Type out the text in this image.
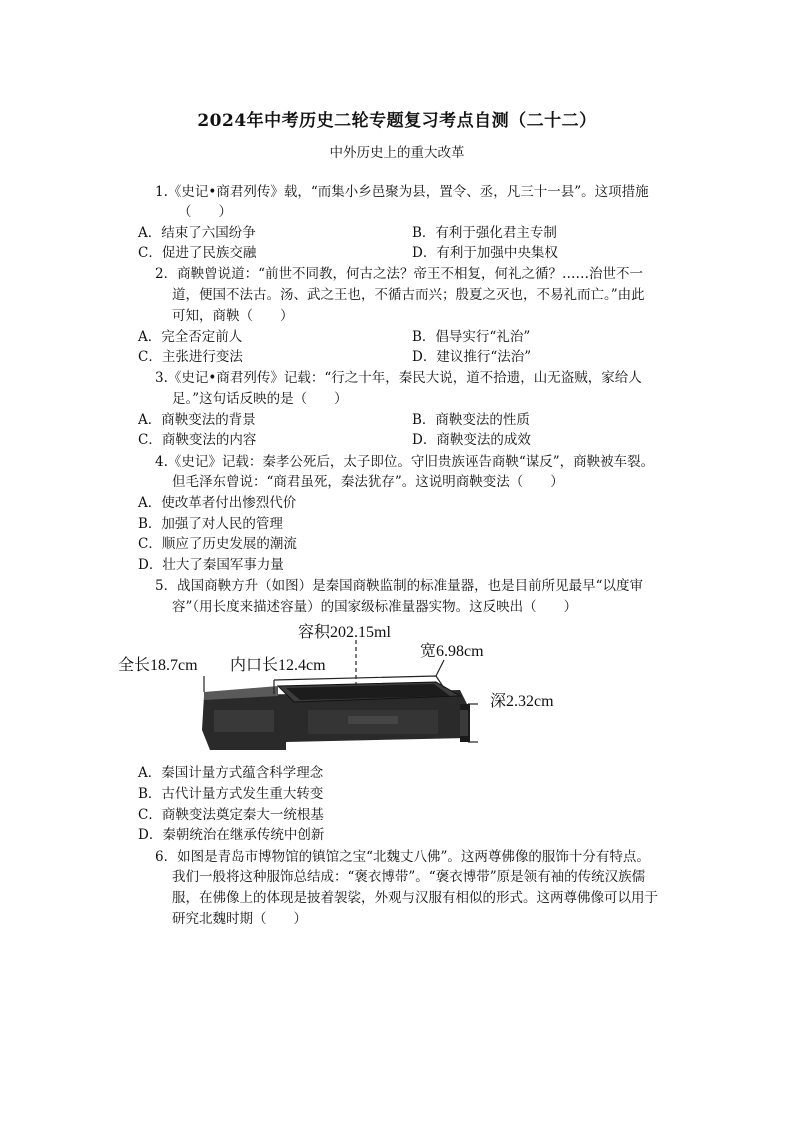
2024年中考历史二轮专题复习考点自测（二十二）
中外历史上的重大改革
1.《史记•商君列传》载，“而集小乡邑聚为县，置令、丞，凡三十一县”。这项措施
（　　）
A．结束了六国纷争	B．有利于强化君主专制
C．促进了民族交融	D．有利于加强中央集权
2．商鞅曾说道：“前世不同教，何古之法？帝王不相复，何礼之循？……治世不一
道，便国不法古。汤、武之王也，不循古而兴；殷夏之灭也，不易礼而亡。”由此
可知，商鞅（　　）
A．完全否定前人	B．倡导实行“礼治”
C．主张进行变法	D．建议推行“法治”
3.《史记•商君列传》记载：“行之十年，秦民大说，道不拾遗，山无盗贼，家给人
足。”这句话反映的是（　　）
A．商鞅变法的背景	B．商鞅变法的性质
C．商鞅变法的内容	D．商鞅变法的成效
4.《史记》记载：秦孝公死后，太子即位。守旧贵族诬告商鞅“谋反”，商鞅被车裂。
但毛泽东曾说：“商君虽死，秦法犹存”。这说明商鞅变法（　　）
A．使改革者付出惨烈代价
B．加强了对人民的管理
C．顺应了历史发展的潮流
D．壮大了秦国军事力量
5．战国商鞅方升（如图）是秦国商鞅监制的标准量器，也是目前所见最早“以度审
容”（用长度来描述容量）的国家级标准量器实物。这反映出（　　）
容积202.15ml
全长18.7cm 内口长12.4cm
宽6.98cm
深2.32cm
A．秦国计量方式蕴含科学理念
B．古代计量方式发生重大转变
C．商鞅变法奠定秦大一统根基
D．秦朝统治在继承传统中创新
6．如图是青岛市博物馆的镇馆之宝“北魏丈八佛”。这两尊佛像的服饰十分有特点。
我们一般将这种服饰总结成：“褒衣博带”。“褒衣博带”原是领有袖的传统汉族儒
服，在佛像上的体现是披着袈裟，外观与汉服有相似的形式。这两尊佛像可以用于
研究北魏时期（　　）
